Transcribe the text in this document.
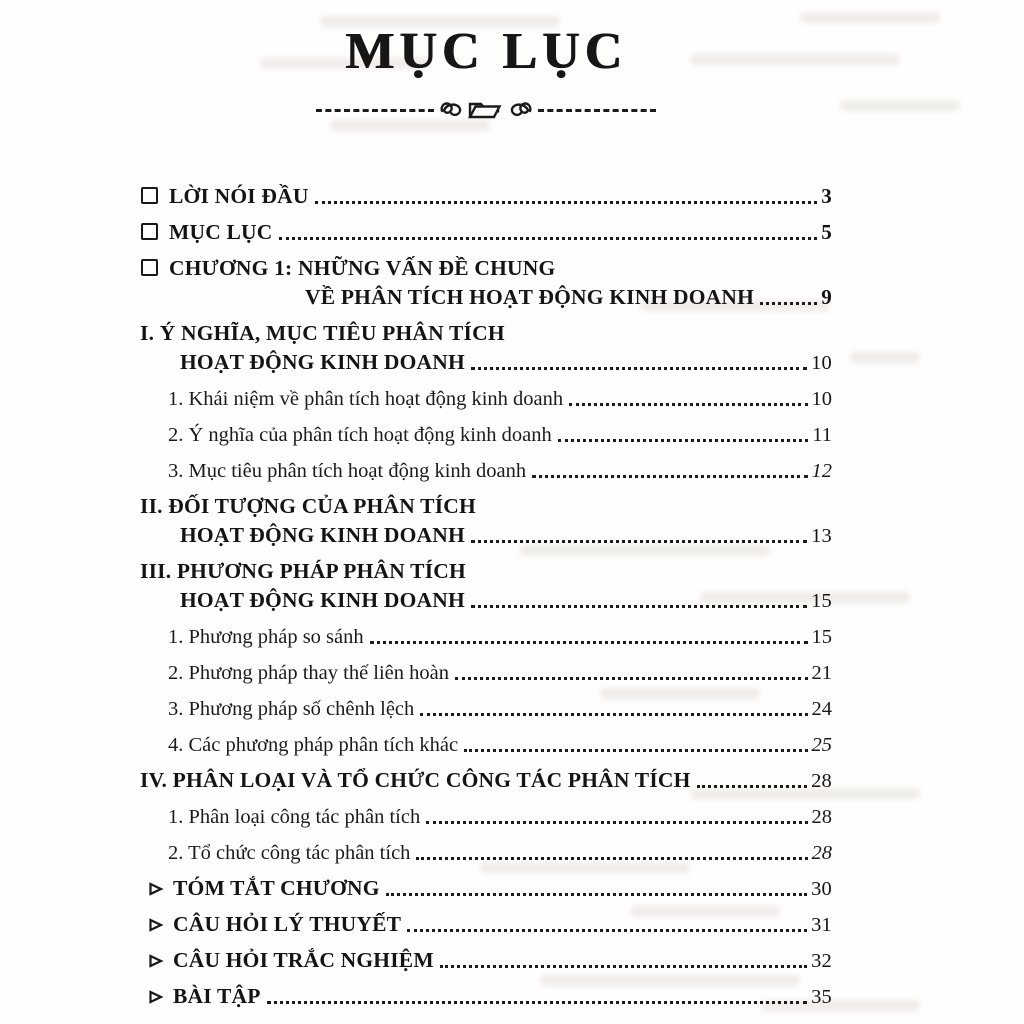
MỤC LỤC
LỜI NÓI ĐẦU	3
MỤC LỤC	5
CHƯƠNG 1: NHỮNG VẤN ĐỀ CHUNG
VỀ PHÂN TÍCH HOẠT ĐỘNG KINH DOANH	9
I. Ý NGHĨA, MỤC TIÊU PHÂN TÍCH
HOẠT ĐỘNG KINH DOANH	10
1. Khái niệm về phân tích hoạt động kinh doanh	10
2. Ý nghĩa của phân tích hoạt động kinh doanh	11
3. Mục tiêu phân tích hoạt động kinh doanh	12
II. ĐỐI TƯỢNG CỦA PHÂN TÍCH
HOẠT ĐỘNG KINH DOANH	13
III. PHƯƠNG PHÁP PHÂN TÍCH
HOẠT ĐỘNG KINH DOANH	15
1. Phương pháp so sánh	15
2. Phương pháp thay thế liên hoàn	21
3. Phương pháp số chênh lệch	24
4. Các phương pháp phân tích khác	25
IV. PHÂN LOẠI VÀ TỔ CHỨC CÔNG TÁC PHÂN TÍCH	28
1. Phân loại công tác phân tích	28
2. Tổ chức công tác phân tích	28
TÓM TẮT CHƯƠNG	30
CÂU HỎI LÝ THUYẾT	31
CÂU HỎI TRẮC NGHIỆM	32
BÀI TẬP	35
